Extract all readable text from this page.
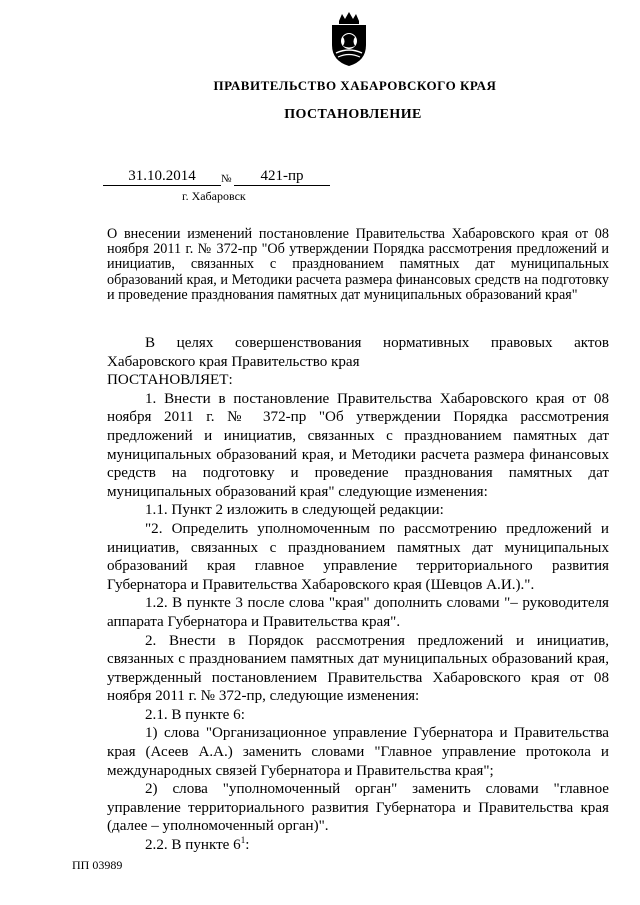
ПРАВИТЕЛЬСТВО ХАБАРОВСКОГО КРАЯ
ПОСТАНОВЛЕНИЕ
31.10.2014	№	421-пр
г. Хабаровск
О внесении изменений постановление Правительства Хабаровского края от 08 ноября 2011 г. № 372-пр "Об утверждении Порядка рассмотрения предложений и инициатив, связанных с празднованием памятных дат муниципальных образований края, и Методики расчета размера финансовых средств на подготовку и проведение празднования памятных дат муниципальных образований края"

В целях совершенствования нормативных правовых актов Хабаровского края Правительство края

ПОСТАНОВЛЯЕТ:

1. Внести в постановление Правительства Хабаровского края от 08 ноября 2011 г. № 372-пр "Об утверждении Порядка рассмотрения предложений и инициатив, связанных с празднованием памятных дат муниципальных образований края, и Методики расчета размера финансовых средств на подготовку и проведение празднования памятных дат муниципальных образований края" следующие изменения:

1.1. Пункт 2 изложить в следующей редакции:

"2. Определить уполномоченным по рассмотрению предложений и инициатив, связанных с празднованием памятных дат муниципальных образований края главное управление территориального развития Губернатора и Правительства Хабаровского края (Шевцов А.И.).".

1.2. В пункте 3 после слова "края" дополнить словами "– руководителя аппарата Губернатора и Правительства края".

2. Внести в Порядок рассмотрения предложений и инициатив, связанных с празднованием памятных дат муниципальных образований края, утвержденный постановлением Правительства Хабаровского края от 08 ноября 2011 г. № 372-пр, следующие изменения:

2.1. В пункте 6:

1) слова "Организационное управление Губернатора и Правительства края (Асеев А.А.) заменить словами "Главное управление протокола и международных связей Губернатора и Правительства края";

2) слова "уполномоченный орган" заменить словами "главное управление территориального развития Губернатора и Правительства края (далее – уполномоченный орган)".

2.2. В пункте $6^1$:

ПП 03989
